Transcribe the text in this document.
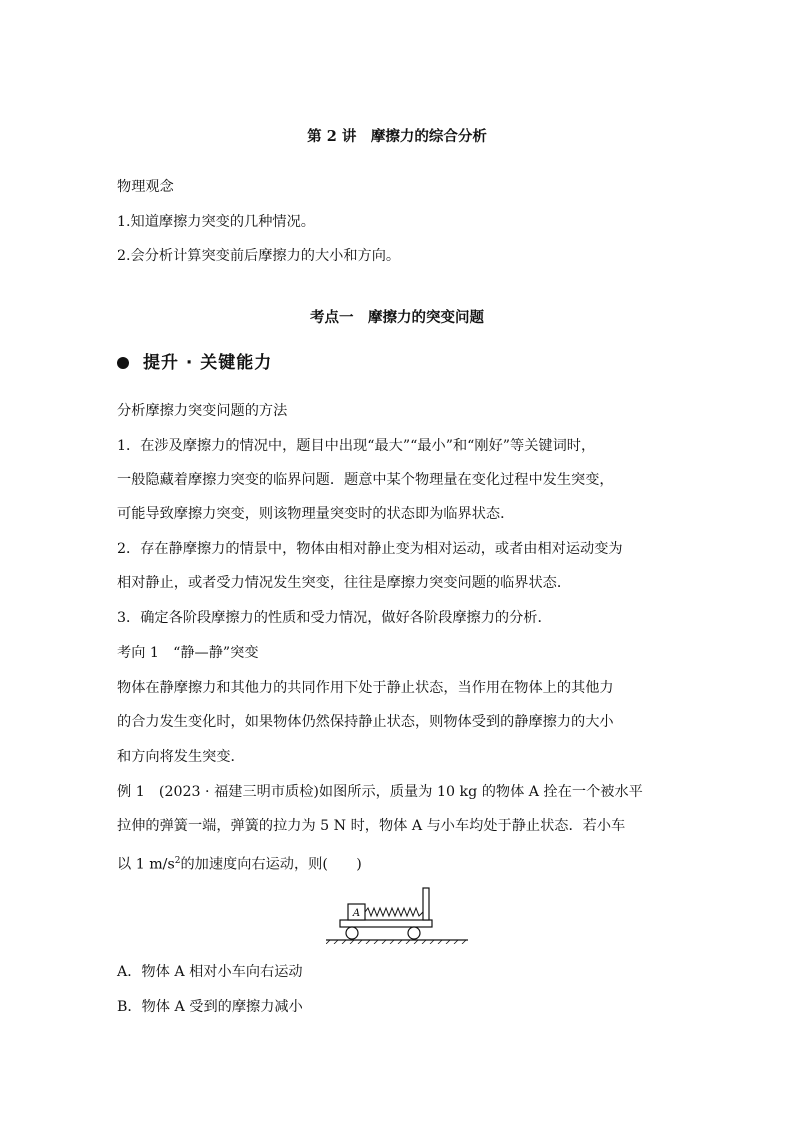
第 2 讲　摩擦力的综合分析
物理观念
1.知道摩擦力突变的几种情况。
2.会分析计算突变前后摩擦力的大小和方向。
考点一　摩擦力的突变问题
提升 · 关键能力
分析摩擦力突变问题的方法
1．在涉及摩擦力的情况中，题目中出现“最大”“最小”和“刚好”等关键词时，
一般隐藏着摩擦力突变的临界问题．题意中某个物理量在变化过程中发生突变，
可能导致摩擦力突变，则该物理量突变时的状态即为临界状态．
2．存在静摩擦力的情景中，物体由相对静止变为相对运动，或者由相对运动变为
相对静止，或者受力情况发生突变，往往是摩擦力突变问题的临界状态．
3．确定各阶段摩擦力的性质和受力情况，做好各阶段摩擦力的分析．
考向 1　“静—静”突变
物体在静摩擦力和其他力的共同作用下处于静止状态，当作用在物体上的其他力
的合力发生变化时，如果物体仍然保持静止状态，则物体受到的静摩擦力的大小
和方向将发生突变．
例 1　(2023 · 福建三明市质检)如图所示，质量为 10 kg 的物体 A 拴在一个被水平
拉伸的弹簧一端，弹簧的拉力为 5 N 时，物体 A 与小车均处于静止状态．若小车
以 1 $m/s^2$的加速度向右运动，则(　　)
A
A．物体 A 相对小车向右运动
B．物体 A 受到的摩擦力减小
